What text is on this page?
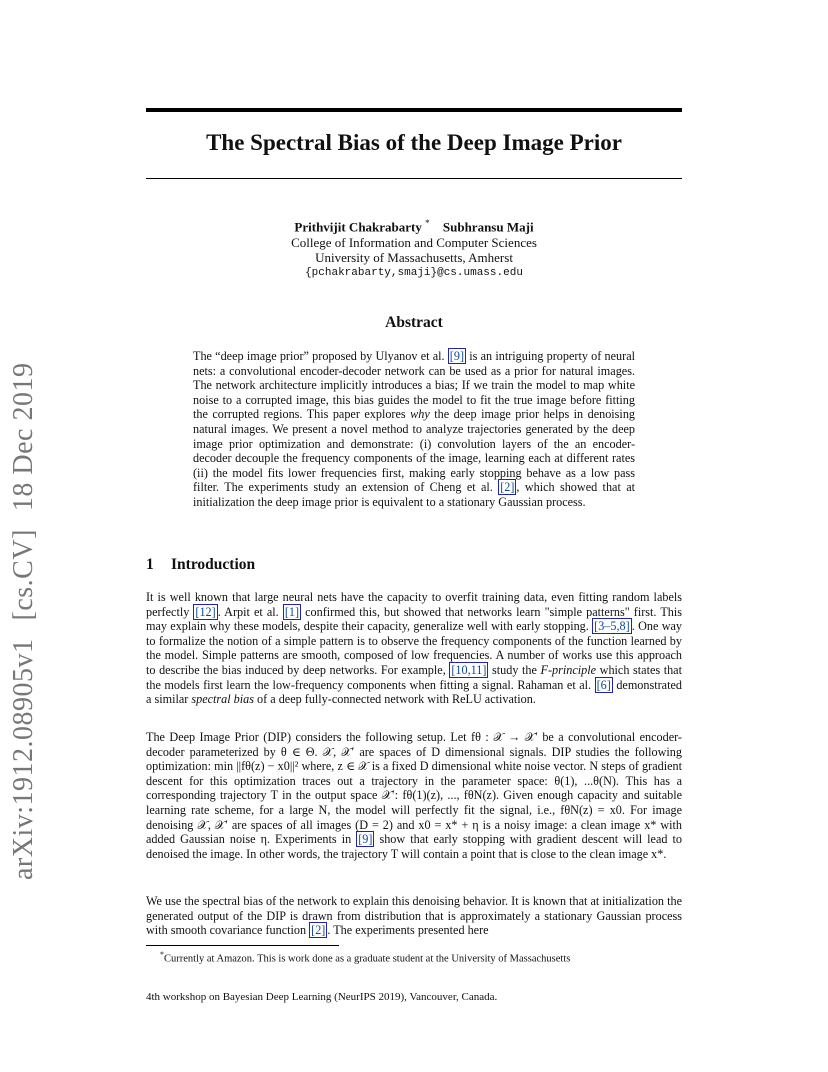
arXiv:1912.08905v1[cs.CV]18 Dec 2019
The Spectral Bias of the Deep Image Prior
Prithvijit Chakrabarty * Subhransu Maji
College of Information and Computer Sciences
University of Massachusetts, Amherst
{pchakrabarty,smaji}@cs.umass.edu
Abstract
The “deep image prior” proposed by Ulyanov et al. [9] is an intriguing property of neural nets: a convolutional encoder-decoder network can be used as a prior for natural images. The network architecture implicitly introduces a bias; If we train the model to map white noise to a corrupted image, this bias guides the model to fit the true image before fitting the corrupted regions. This paper explores why the deep image prior helps in denoising natural images. We present a novel method to analyze trajectories generated by the deep image prior optimization and demonstrate: (i) convolution layers of the an encoder-decoder decouple the frequency components of the image, learning each at different rates (ii) the model fits lower frequencies first, making early stopping behave as a low pass filter. The experiments study an extension of Cheng et al. [2] , which showed that at initialization the deep image prior is equivalent to a stationary Gaussian process.
1 Introduction
It is well known that large neural nets have the capacity to overfit training data, even fitting random labels perfectly [12] . Arpit et al. [1] confirmed this, but showed that networks learn "simple patterns" first. This may explain why these models, despite their capacity, generalize well with early stopping. [3–5,8] . One way to formalize the notion of a simple pattern is to observe the frequency components of the function learned by the model. Simple patterns are smooth, composed of low frequencies. A number of works use this approach to describe the bias induced by deep networks. For example, [10,11] study the F-principle which states that the models first learn the low-frequency components when fitting a signal. Rahaman et al. [6] demonstrated a similar spectral bias of a deep fully-connected network with ReLU activation.
The Deep Image Prior (DIP) considers the following setup. Let fθ : 𝒳 → 𝒳′ be a convolutional encoder-decoder parameterized by θ ∈ Θ. 𝒳, 𝒳′ are spaces of D dimensional signals. DIP studies the following optimization: min ||fθ(z) − x0||² where, z ∈ 𝒳 is a fixed D dimensional white noise vector. N steps of gradient descent for this optimization traces out a trajectory in the parameter space: θ(1), ...θ(N). This has a corresponding trajectory T in the output space 𝒳′: fθ(1)(z), ..., fθN(z). Given enough capacity and suitable learning rate scheme, for a large N, the model will perfectly fit the signal, i.e., fθN(z) = x0. For image denoising 𝒳, 𝒳′ are spaces of all images (D = 2) and x0 = x* + η is a noisy image: a clean image x* with added Gaussian noise η. Experiments in [9] show that early stopping with gradient descent will lead to denoised the image. In other words, the trajectory T will contain a point that is close to the clean image x*.
We use the spectral bias of the network to explain this denoising behavior. It is known that at initialization the generated output of the DIP is drawn from distribution that is approximately a stationary Gaussian process with smooth covariance function [2] . The experiments presented here
*Currently at Amazon. This is work done as a graduate student at the University of Massachusetts
4th workshop on Bayesian Deep Learning (NeurIPS 2019), Vancouver, Canada.
